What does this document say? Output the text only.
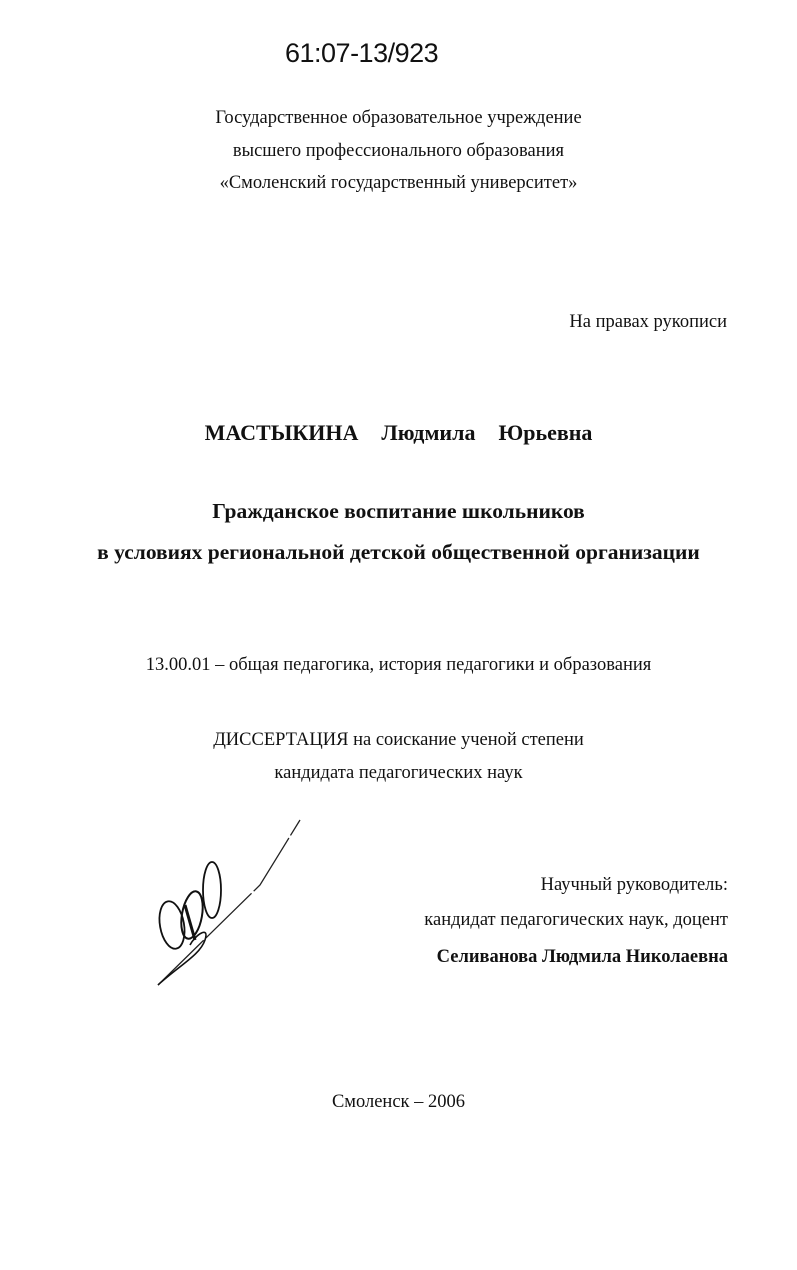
61:07-13/923
Государственное образовательное учреждение
высшего профессионального образования
«Смоленский государственный университет»
На правах рукописи
МАСТЫКИНА  Людмила  Юрьевна
Гражданское воспитание школьников
в условиях региональной детской общественной организации
13.00.01 – общая педагогика, история педагогики и образования
ДИССЕРТАЦИЯ на соискание ученой степени
кандидата педагогических наук
Научный руководитель:
кандидат педагогических наук, доцент
Селиванова Людмила Николаевна
Смоленск – 2006
